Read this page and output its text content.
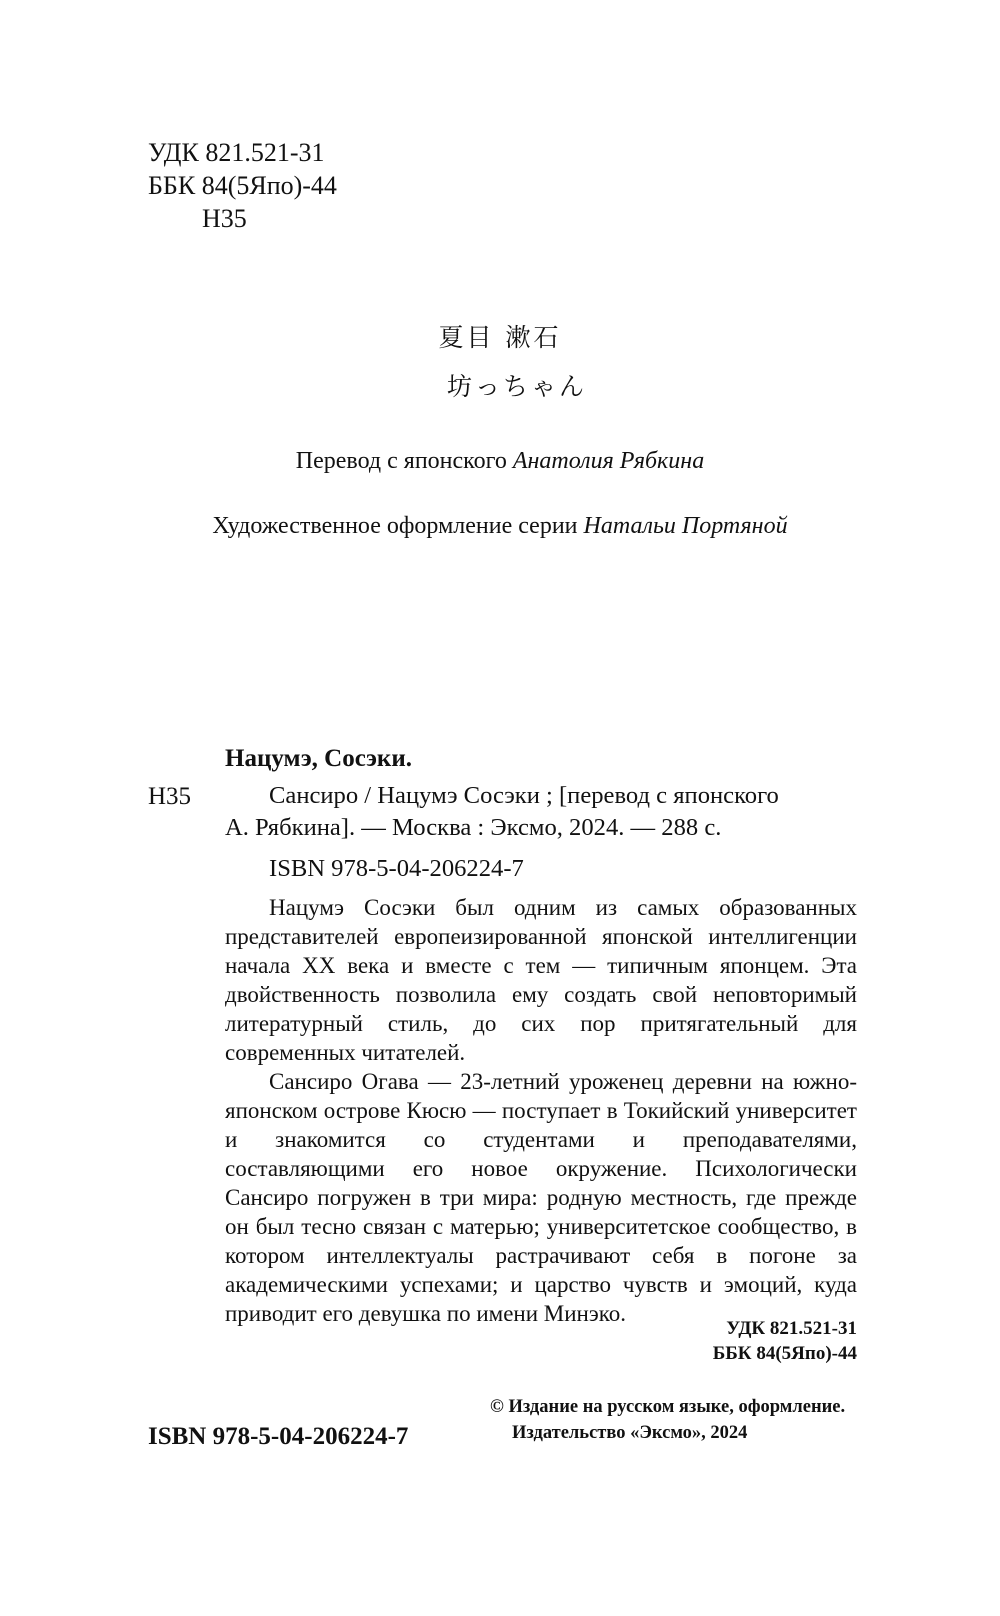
УДК 821.521-31
ББК 84(5Япо)-44
Н35
夏目 漱石
坊っちゃん
Перевод с японского Анатолия Рябкина
Художественное оформление серии Натальи Портяной
Нацумэ, Сосэки.
Н35	Сансиро / Нацумэ Сосэки ; [перевод с японского
А. Рябкина]. — Москва : Эксмо, 2024. — 288 с.
ISBN 978-5-04-206224-7

Нацумэ Сосэки был одним из самых образованных представителей европеизированной японской интеллигенции начала XX века и вместе с тем — типичным японцем. Эта двойственность позволила ему создать свой неповторимый литературный стиль, до сих пор притягательный для современных читателей.

Сансиро Огава — 23-летний уроженец деревни на южно-японском острове Кюсю — поступает в Токийский университет и знакомится со студентами и преподавателями, составляющими его новое окружение. Психологически Сансиро погружен в три мира: родную местность, где прежде он был тесно связан с матерью; университетское сообщество, в котором интеллектуалы растрачивают себя в погоне за академическими успехами; и царство чувств и эмоций, куда приводит его девушка по имени Минэко.

УДК 821.521-31
ББК 84(5Япо)-44
ISBN 978-5-04-206224-7
© Издание на русском языке, оформление.
Издательство «Эксмо», 2024
